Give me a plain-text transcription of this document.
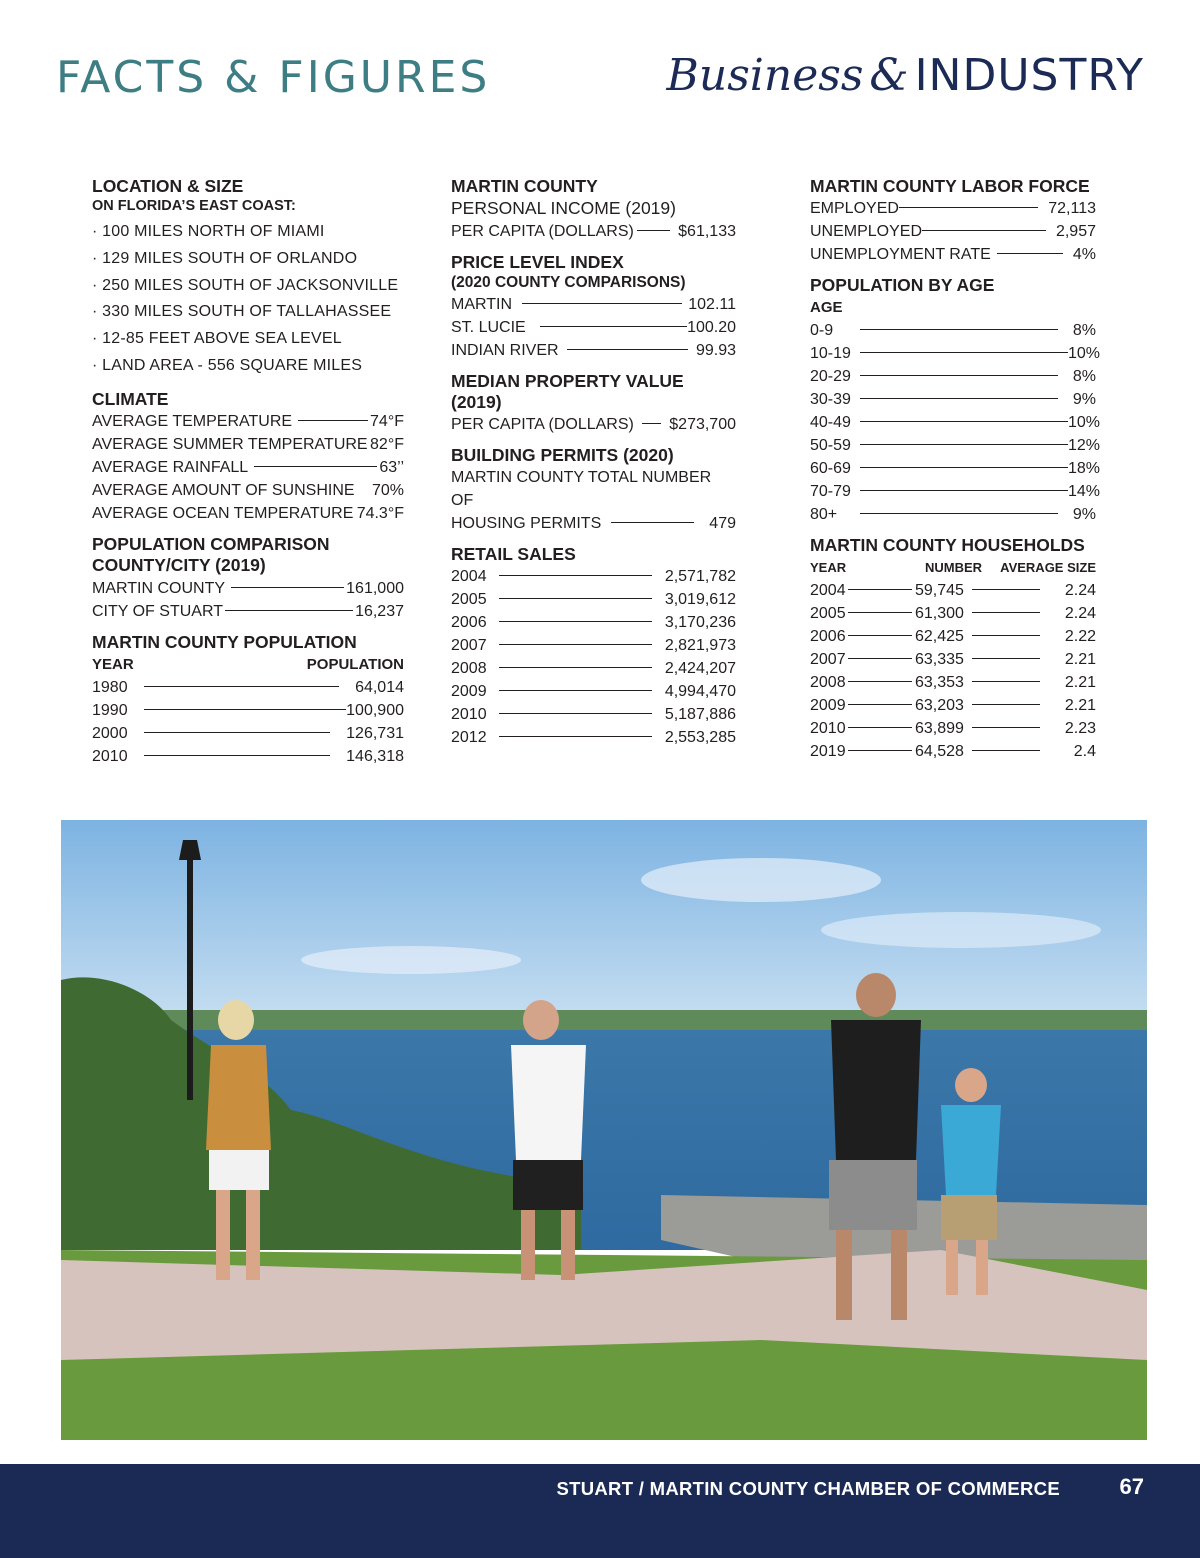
FACTS & FIGURES	Business & INDUSTRY
LOCATION & SIZE
ON FLORIDA’S EAST COAST:
· 100 MILES NORTH OF MIAMI
· 129 MILES SOUTH OF ORLANDO
· 250 MILES SOUTH OF JACKSONVILLE
· 330 MILES SOUTH OF TALLAHASSEE
· 12-85 FEET ABOVE SEA LEVEL
· LAND AREA - 556 SQUARE MILES
CLIMATE
AVERAGE TEMPERATURE	74°F
AVERAGE SUMMER TEMPERATURE 82°F
AVERAGE RAINFALL	63’’
AVERAGE AMOUNT OF SUNSHINE 70%
AVERAGE OCEAN TEMPERATURE 74.3°F
POPULATION COMPARISON
COUNTY/CITY (2019)
MARTIN COUNTY	161,000
CITY OF STUART	16,237
MARTIN COUNTY POPULATION
YEAR	POPULATION
1980	64,014
1990	100,900
2000	126,731
2010	146,318
MARTIN COUNTY
PERSONAL INCOME (2019)
PER CAPITA (DOLLARS)	$61,133
PRICE LEVEL INDEX
(2020 COUNTY COMPARISONS)
MARTIN	102.11
ST. LUCIE	100.20
INDIAN RIVER	99.93
MEDIAN PROPERTY VALUE (2019)
PER CAPITA (DOLLARS) $273,700
BUILDING PERMITS (2020)
MARTIN COUNTY TOTAL NUMBER OF
HOUSING PERMITS	479
RETAIL SALES
2004	2,571,782
2005	3,019,612
2006	3,170,236
2007	2,821,973
2008	2,424,207
2009	4,994,470
2010	5,187,886
2012	2,553,285
MARTIN COUNTY LABOR FORCE
EMPLOYED	72,113
UNEMPLOYED	2,957
UNEMPLOYMENT RATE	4%
POPULATION BY AGE
AGE
0-9	8%
10-19	10%
20-29	8%
30-39	9%
40-49	10%
50-59	12%
60-69	18%
70-79	14%
80+	9%
MARTIN COUNTY HOUSEHOLDS
YEAR	NUMBER	AVERAGE SIZE
2004	59,745	2.24
2005	61,300	2.24
2006	62,425	2.22
2007	63,335	2.21
2008	63,353	2.21
2009	63,203	2.21
2010	63,899	2.23
2019	64,528	2.4
STUART / MARTIN COUNTY CHAMBER OF COMMERCE	67
